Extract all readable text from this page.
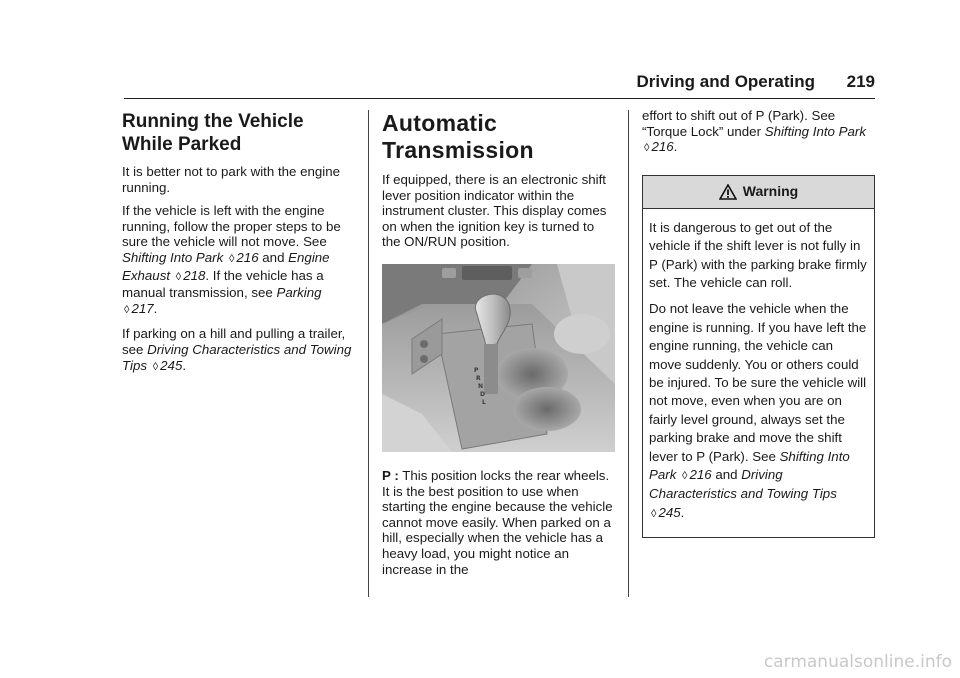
Driving and Operating 219
Running the Vehicle
While Parked

It is better not to park with the engine running.

If the vehicle is left with the engine running, follow the proper steps to be sure the vehicle will not move. See Shifting Into Park ◊ 216 and Engine Exhaust ◊ 218. If the vehicle has a manual transmission, see Parking ◊ 217.

If parking on a hill and pulling a trailer, see Driving Characteristics and Towing Tips ◊ 245.

Automatic
Transmission

If equipped, there is an electronic shift lever position indicator within the instrument cluster. This display comes on when the ignition key is turned to the ON/RUN position.

P
R
N
D
L

P : This position locks the rear wheels. It is the best position to use when starting the engine because the vehicle cannot move easily. When parked on a hill, especially when the vehicle has a heavy load, you might notice an increase in the

effort to shift out of P (Park). See “Torque Lock” under Shifting Into Park ◊ 216.

Warning

It is dangerous to get out of the vehicle if the shift lever is not fully in P (Park) with the parking brake firmly set. The vehicle can roll.

Do not leave the vehicle when the engine is running. If you have left the engine running, the vehicle can move suddenly. You or others could be injured. To be sure the vehicle will not move, even when you are on fairly level ground, always set the parking brake and move the shift lever to P (Park). See Shifting Into Park ◊ 216 and Driving Characteristics and Towing Tips ◊ 245.

carmanualsonline.info
